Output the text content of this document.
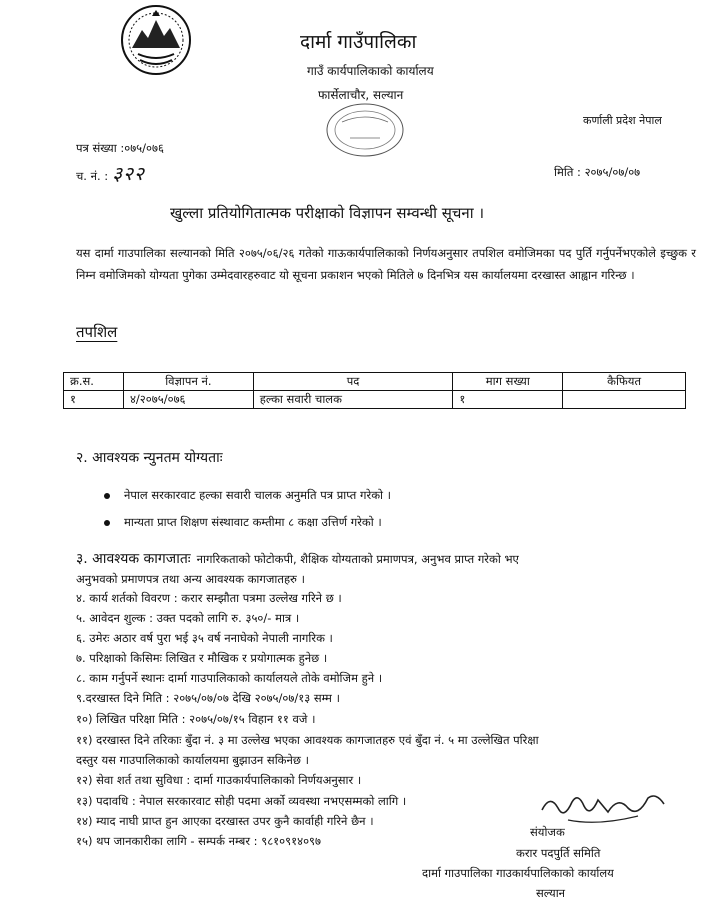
दार्मा गाउँपालिका
गाउँ कार्यपालिकाको कार्यालय
फार्सेलाचौर, सल्यान
कर्णाली प्रदेश नेपाल
पत्र संख्या :०७५/०७६
च. नं. : ३२२	मिति : २०७५/०७/०७
खुल्ला प्रतियोगितात्मक परीक्षाको विज्ञापन सम्वन्धी सूचना ।
यस दार्मा गाउपालिका सल्यानको मिति २०७५/०६/२६ गतेको गाऊकार्यपालिकाको निर्णयअनुसार तपशिल वमोजिमका पद पुर्ति गर्नुपर्नेभएकोले इच्छुक र निम्न वमोजिमको योग्यता पुगेका उम्मेदवारहरुवाट यो सूचना प्रकाशन भएको मितिले ७ दिनभित्र यस कार्यालयमा दरखास्त आह्वान गरिन्छ ।
तपशिल
क्र.स.	विज्ञापन नं.	पद	माग सख्या	कैफियत
१	४/२०७५/०७६	हल्का सवारी चालक	१	
२. आवश्यक न्युनतम योग्यताः
नेपाल सरकारवाट हल्का सवारी चालक अनुमति पत्र प्राप्त गरेको ।
मान्यता प्राप्त शिक्षण संस्थावाट कम्तीमा ८ कक्षा उत्तिर्ण गरेको ।
३. आवश्यक कागजातः नागरिकताको फोटोकपी, शैक्षिक योग्यताको प्रमाणपत्र, अनुभव प्राप्त गरेको भए
अनुभवको प्रमाणपत्र तथा अन्य आवश्यक कागजातहरु ।
४. कार्य शर्तको विवरण : करार सम्झौता पत्रमा उल्लेख गरिने छ ।
५. आवेदन शुल्क : उक्त पदको लागि रु. ३५०/- मात्र ।
६. उमेरः अठार वर्ष पुरा भई ३५ वर्ष ननाघेको नेपाली नागरिक ।
७. परिक्षाको किसिमः लिखित र मौखिक र प्रयोगात्मक हुनेछ ।
८. काम गर्नुपर्ने स्थानः दार्मा गाउपालिकाको कार्यालयले तोके वमोजिम हुने ।
९.दरखास्त दिने मिति : २०७५/०७/०७ देखि २०७५/०७/१३ सम्म ।
१०) लिखित परिक्षा मिति : २०७५/०७/१५ विहान ११ वजे ।
११) दरखास्त दिने तरिकाः बुँदा नं. ३ मा उल्लेख भएका आवश्यक कागजातहरु एवं बुँदा नं. ५ मा उल्लेखित परिक्षा
दस्तुर यस गाउपालिकाको कार्यालयमा बुझाउन सकिनेछ ।
१२) सेवा शर्त तथा सुविधा : दार्मा गाउकार्यपालिकाको निर्णयअनुसार ।
१३) पदावधि : नेपाल सरकारवाट सोही पदमा अर्को व्यवस्था नभएसम्मको लागि ।
१४) म्याद नाघी प्राप्त हुन आएका दरखास्त उपर कुनै कार्वाही गरिने छैन ।
१५) थप जानकारीका लागि - सम्पर्क नम्बर : ९८१०९१४०९७
संयोजक
करार पदपुर्ति समिति
दार्मा गाउपालिका गाउकार्यपालिकाको कार्यालय
सल्यान
